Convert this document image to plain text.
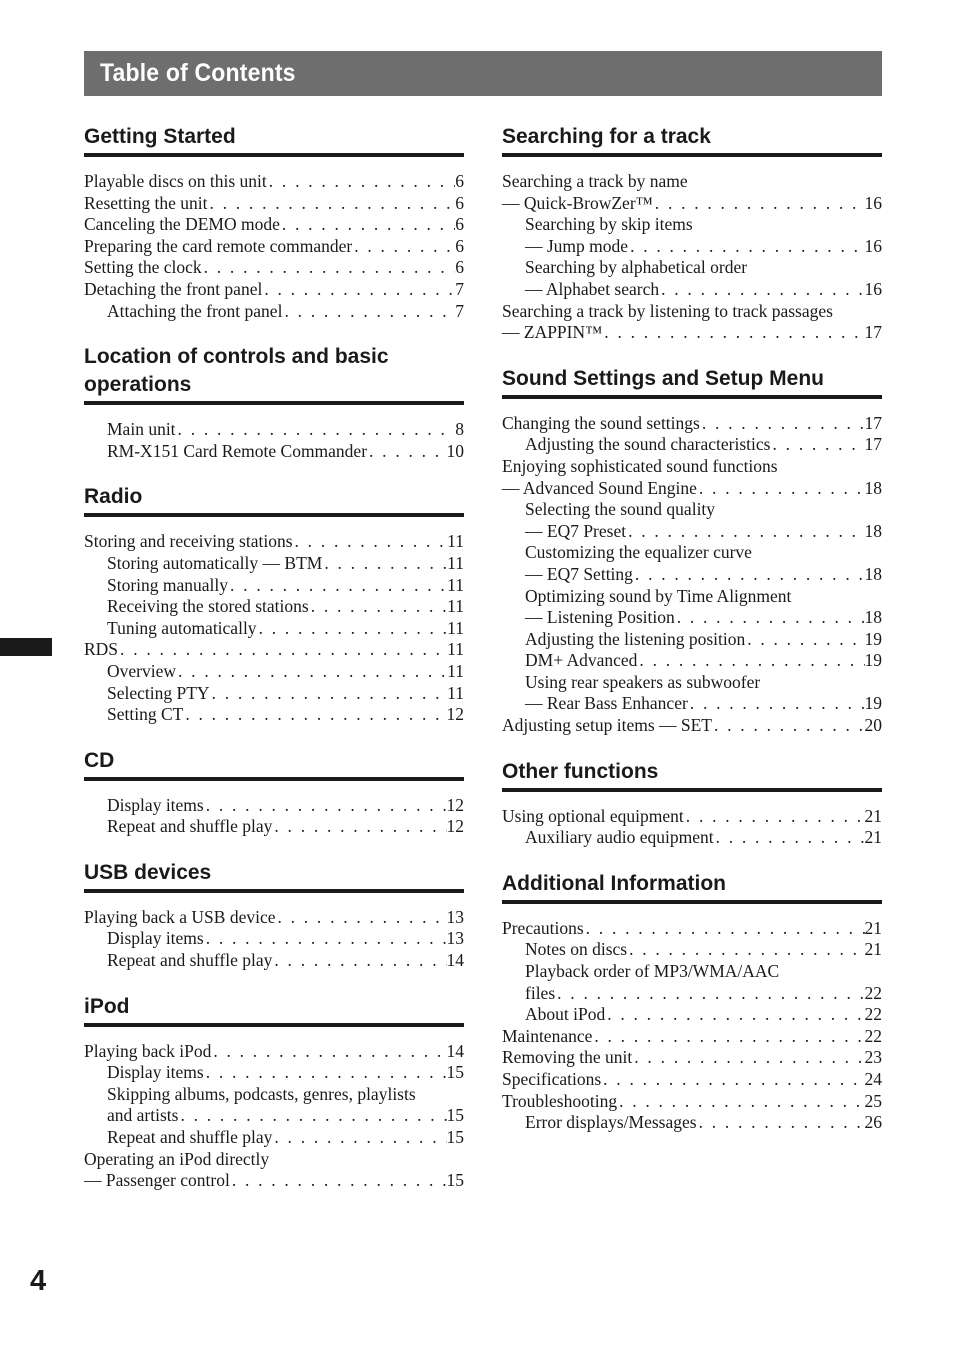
Table of Contents
Getting Started
Playable discs on this unit . . .	6
Resetting the unit . . .	6
Canceling the DEMO mode . . .	6
Preparing the card remote commander . . .	6
Setting the clock . . .	6
Detaching the front panel . . .	7
Attaching the front panel . . .	7
Location of controls and basic operations
Main unit . . .	8
RM-X151 Card Remote Commander . . .	10
Radio
Storing and receiving stations . . .	11
Storing automatically — BTM . . .	11
Storing manually . . .	11
Receiving the stored stations . . .	11
Tuning automatically . . .	11
RDS . . .	11
Overview . . .	11
Selecting PTY . . .	11
Setting CT . . .	12
CD
Display items . . .	12
Repeat and shuffle play . . .	12
USB devices
Playing back a USB device . . .	13
Display items . . .	13
Repeat and shuffle play . . .	14
iPod
Playing back iPod . . .	14
Display items . . .	15
Skipping albums, podcasts, genres, playlists
and artists . . .	15
Repeat and shuffle play . . .	15
Operating an iPod directly
— Passenger control . . .	15
Searching for a track
Searching a track by name
— Quick-BrowZer™ . . .	16
Searching by skip items
— Jump mode . . .	16
Searching by alphabetical order
— Alphabet search . . .	16
Searching a track by listening to track passages
— ZAPPIN™ . . .	17
Sound Settings and Setup Menu
Changing the sound settings . . .	17
Adjusting the sound characteristics . . .	17
Enjoying sophisticated sound functions
— Advanced Sound Engine . . .	18
Selecting the sound quality
— EQ7 Preset . . .	18
Customizing the equalizer curve
— EQ7 Setting . . .	18
Optimizing sound by Time Alignment
— Listening Position . . .	18
Adjusting the listening position . . .	19
DM+ Advanced . . .	19
Using rear speakers as subwoofer
— Rear Bass Enhancer . . .	19
Adjusting setup items — SET . . .	20
Other functions
Using optional equipment . . .	21
Auxiliary audio equipment . . .	21
Additional Information
Precautions . . .	21
Notes on discs . . .	21
Playback order of MP3/WMA/AAC
files . . .	22
About iPod . . .	22
Maintenance . . .	22
Removing the unit . . .	23
Specifications . . .	24
Troubleshooting . . .	25
Error displays/Messages . . .	26
4
